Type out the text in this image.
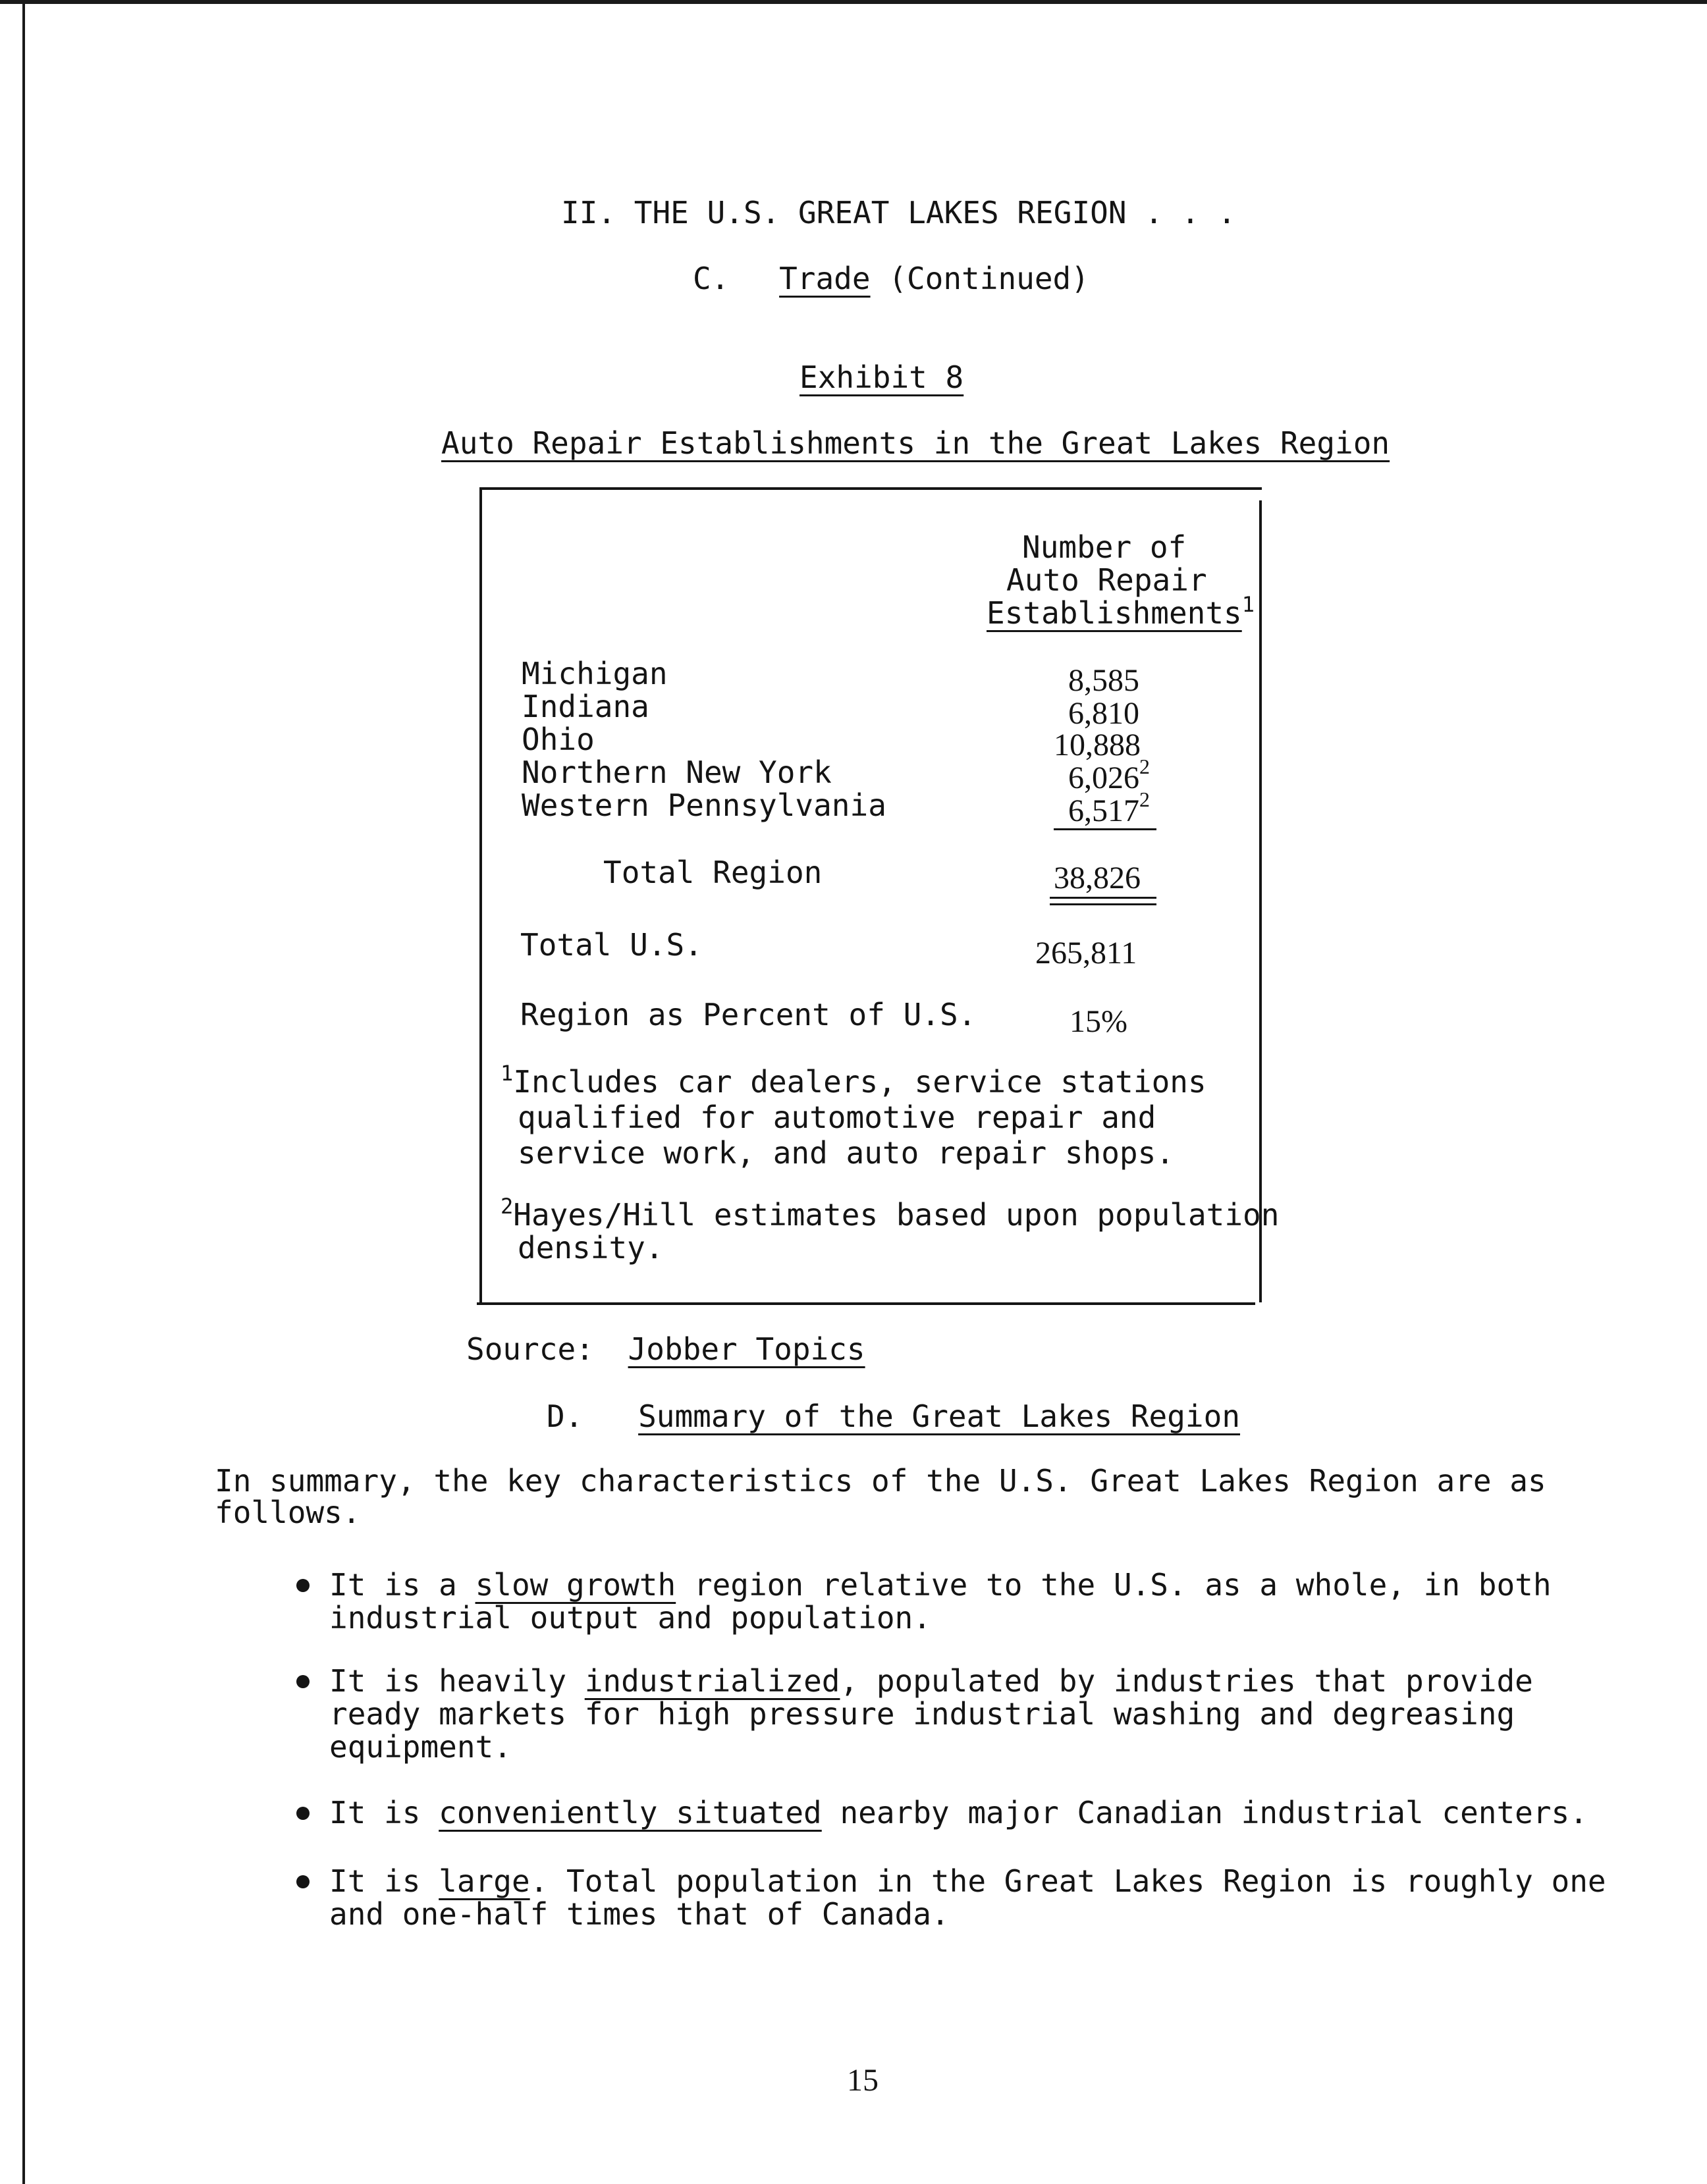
II. THE U.S. GREAT LAKES REGION . . .
C. Trade (Continued)
Exhibit 8
Auto Repair Establishments in the Great Lakes Region
Number of
Auto Repair
Establishments$^1$
Michigan	8,585
Indiana	6,810
Ohio	10,888
Northern New York	6,026$^2$
Western Pennsylvania	6,517$^2$
Total Region	38,826
Total U.S.	265,811
Region as Percent of U.S.	15%
$^1$Includes car dealers, service stations
qualified for automotive repair and
service work, and auto repair shops.
$^2$Hayes/Hill estimates based upon population
density.
Source: Jobber Topics
D. Summary of the Great Lakes Region
In summary, the key characteristics of the U.S. Great Lakes Region are as
follows.
It is a slow growth region relative to the U.S. as a whole, in both
industrial output and population.
It is heavily industrialized, populated by industries that provide
ready markets for high pressure industrial washing and degreasing
equipment.
It is conveniently situated nearby major Canadian industrial centers.
It is large. Total population in the Great Lakes Region is roughly one
and one-half times that of Canada.
15
